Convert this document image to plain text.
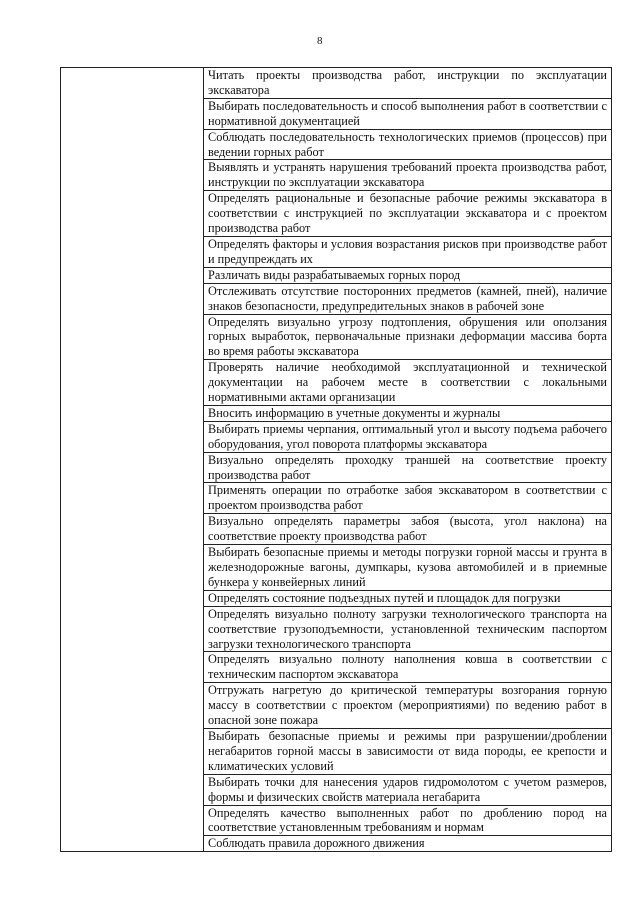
8
	Читать проекты производства работ, инструкции по эксплуатации экскаватора
Выбирать последовательность и способ выполнения работ в соответствии с нормативной документацией
Соблюдать последовательность технологических приемов (процессов) при ведении горных работ
Выявлять и устранять нарушения требований проекта производства работ, инструкции по эксплуатации экскаватора
Определять рациональные и безопасные рабочие режимы экскаватора в соответствии с инструкцией по эксплуатации экскаватора и с проектом производства работ
Определять факторы и условия возрастания рисков при производстве работ и предупреждать их
Различать виды разрабатываемых горных пород
Отслеживать отсутствие посторонних предметов (камней, пней), наличие знаков безопасности, предупредительных знаков в рабочей зоне
Определять визуально угрозу подтопления, обрушения или оползания горных выработок, первоначальные признаки деформации массива борта во время работы экскаватора
Проверять наличие необходимой эксплуатационной и технической документации на рабочем месте в соответствии с локальными нормативными актами организации
Вносить информацию в учетные документы и журналы
Выбирать приемы черпания, оптимальный угол и высоту подъема рабочего оборудования, угол поворота платформы экскаватора
Визуально определять проходку траншей на соответствие проекту производства работ
Применять операции по отработке забоя экскаватором в соответствии с проектом производства работ
Визуально определять параметры забоя (высота, угол наклона) на соответствие проекту производства работ
Выбирать безопасные приемы и методы погрузки горной массы и грунта в железнодорожные вагоны, думпкары, кузова автомобилей и в приемные бункера у конвейерных линий
Определять состояние подъездных путей и площадок для погрузки
Определять визуально полноту загрузки технологического транспорта на соответствие грузоподъемности, установленной техническим паспортом загрузки технологического транспорта
Определять визуально полноту наполнения ковша в соответствии с техническим паспортом экскаватора
Отгружать нагретую до критической температуры возгорания горную массу в соответствии с проектом (мероприятиями) по ведению работ в опасной зоне пожара
Выбирать безопасные приемы и режимы при разрушении/дроблении негабаритов горной массы в зависимости от вида породы, ее крепости и климатических условий
Выбирать точки для нанесения ударов гидромолотом с учетом размеров, формы и физических свойств материала негабарита
Определять качество выполненных работ по дроблению пород на соответствие установленным требованиям и нормам
Соблюдать правила дорожного движения
